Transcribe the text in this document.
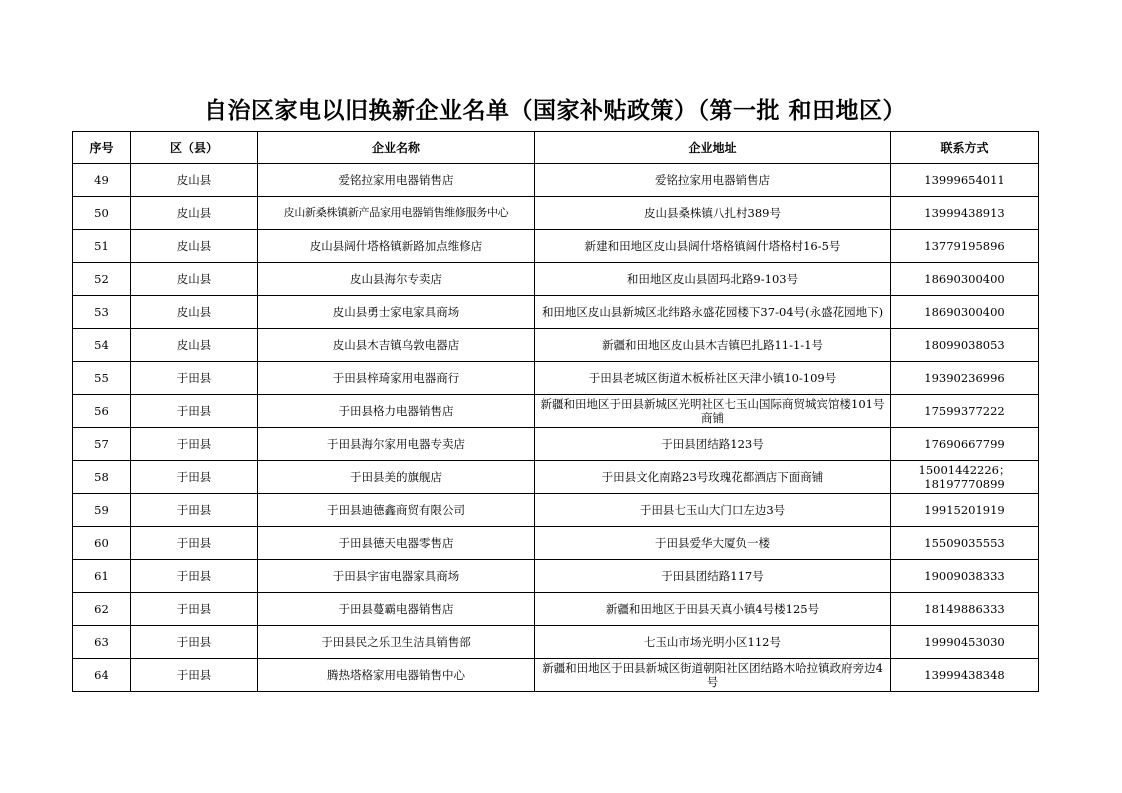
自治区家电以旧换新企业名单（国家补贴政策）（第一批 和田地区）
序号	区（县）	企业名称	企业地址	联系方式
49	皮山县	爱铭拉家用电器销售店	爱铭拉家用电器销售店	13999654011
50	皮山县	皮山新桑株镇新产品家用电器销售维修服务中心	皮山县桑株镇八扎村389号	13999438913
51	皮山县	皮山县阔什塔格镇新路加点维修店	新建和田地区皮山县阔什塔格镇阔什塔格村16-5号	13779195896
52	皮山县	皮山县海尔专卖店	和田地区皮山县固玛北路9-103号	18690300400
53	皮山县	皮山县勇士家电家具商场	和田地区皮山县新城区北纬路永盛花园楼下37-04号(永盛花园地下)	18690300400
54	皮山县	皮山县木吉镇乌敦电器店	新疆和田地区皮山县木吉镇巴扎路11-1-1号	18099038053
55	于田县	于田县梓琦家用电器商行	于田县老城区街道木板桥社区天津小镇10-109号	19390236996
56	于田县	于田县格力电器销售店	新疆和田地区于田县新城区光明社区七玉山国际商贸城宾馆楼101号商铺	17599377222
57	于田县	于田县海尔家用电器专卖店	于田县团结路123号	17690667799
58	于田县	于田县美的旗舰店	于田县文化南路23号玫瑰花都酒店下面商铺	15001442226；18197770899
59	于田县	于田县迪德鑫商贸有限公司	于田县七玉山大门口左边3号	19915201919
60	于田县	于田县德天电器零售店	于田县爱华大厦负一楼	15509035553
61	于田县	于田县宇宙电器家具商场	于田县团结路117号	19009038333
62	于田县	于田县蔓霸电器销售店	新疆和田地区于田县天真小镇4号楼125号	18149886333
63	于田县	于田县民之乐卫生洁具销售部	七玉山市场光明小区112号	19990453030
64	于田县	腾热塔格家用电器销售中心	新疆和田地区于田县新城区街道朝阳社区团结路木哈拉镇政府旁边4号	13999438348
